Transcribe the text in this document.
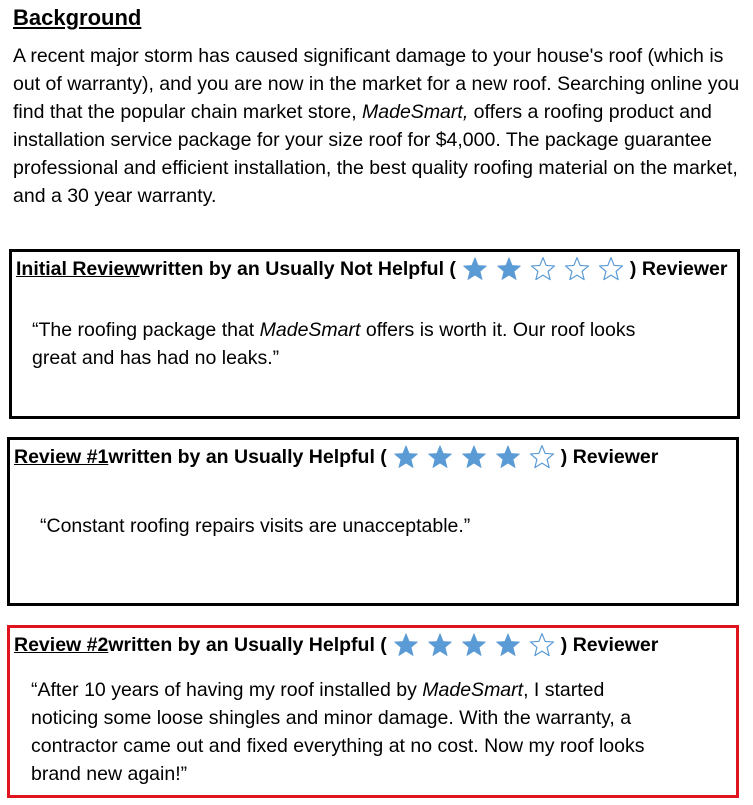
Background

A recent major storm has caused significant damage to your house's roof (which is out of warranty), and you are now in the market for a new roof. Searching online you find that the popular chain market store, MadeSmart, offers a roofing product and installation service package for your size roof for $4,000. The package guarantee professional and efficient installation, the best quality roofing material on the market, and a 30 year warranty.

Initial Review written by an Usually Not Helpful (	) Reviewer

“The roofing package that MadeSmart offers is worth it. Our roof looks great and has had no leaks.”

Review #1 written by an Usually Helpful (	) Reviewer

“Constant roofing repairs visits are unacceptable.”

Review #2 written by an Usually Helpful (	) Reviewer

“After 10 years of having my roof installed by MadeSmart, I started noticing some loose shingles and minor damage. With the warranty, a contractor came out and fixed everything at no cost. Now my roof looks brand new again!”
